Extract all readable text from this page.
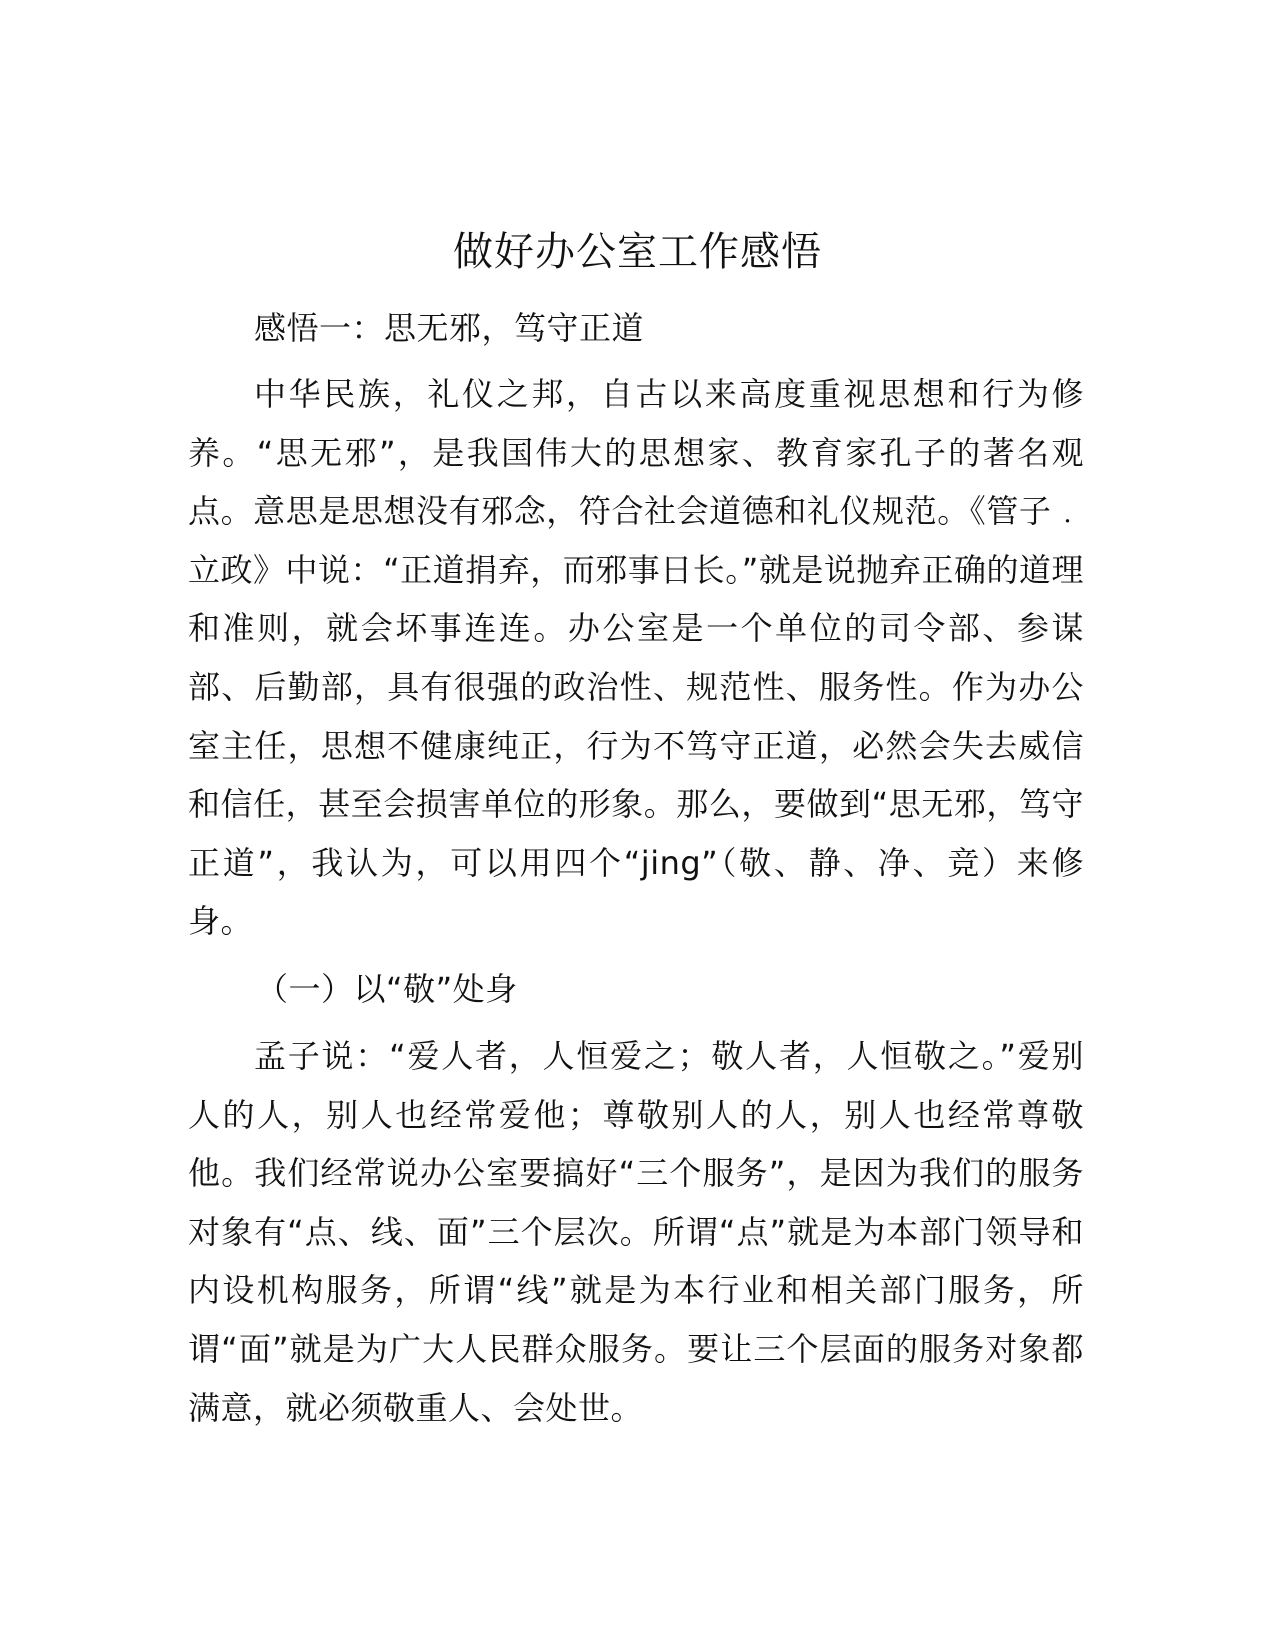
做好办公室工作感悟

感悟一：思无邪，笃守正道

中华民族，礼仪之邦，自古以来高度重视思想和行为修养。“思无邪”，是我国伟大的思想家、教育家孔子的著名观点。意思是思想没有邪念，符合社会道德和礼仪规范。《管子﹒立政》中说：“正道捐弃，而邪事日长。”就是说抛弃正确的道理和准则，就会坏事连连。办公室是一个单位的司令部、参谋部、后勤部，具有很强的政治性、规范性、服务性。作为办公室主任，思想不健康纯正，行为不笃守正道，必然会失去威信和信任，甚至会损害单位的形象。那么，要做到“思无邪，笃守正道”，我认为，可以用四个“jing”（敬、静、净、竞）来修身。

（一）以“敬”处身

孟子说：“爱人者，人恒爱之；敬人者，人恒敬之。”爱别人的人，别人也经常爱他；尊敬别人的人，别人也经常尊敬他。我们经常说办公室要搞好“三个服务”，是因为我们的服务对象有“点、线、面”三个层次。所谓“点”就是为本部门领导和内设机构服务，所谓“线”就是为本行业和相关部门服务，所谓“面”就是为广大人民群众服务。要让三个层面的服务对象都满意，就必须敬重人、会处世。
